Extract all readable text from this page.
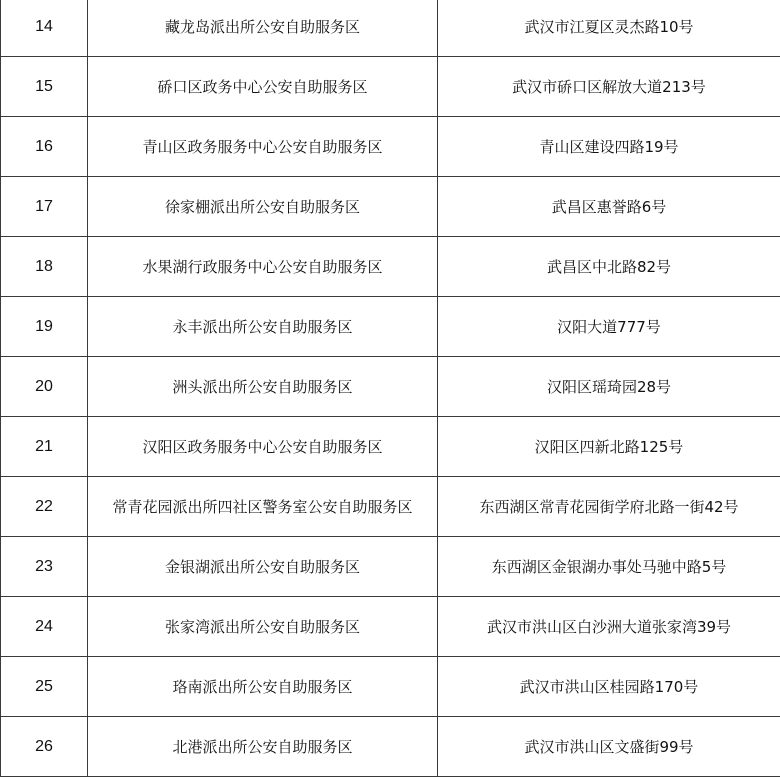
14	藏龙岛派出所公安自助服务区	武汉市江夏区灵杰路10号
15	硚口区政务中心公安自助服务区	武汉市硚口区解放大道213号
16	青山区政务服务中心公安自助服务区	青山区建设四路19号
17	徐家棚派出所公安自助服务区	武昌区惠誉路6号
18	水果湖行政服务中心公安自助服务区	武昌区中北路82号
19	永丰派出所公安自助服务区	汉阳大道777号
20	洲头派出所公安自助服务区	汉阳区瑶琦园28号
21	汉阳区政务服务中心公安自助服务区	汉阳区四新北路125号
22	常青花园派出所四社区警务室公安自助服务区	东西湖区常青花园街学府北路一街42号
23	金银湖派出所公安自助服务区	东西湖区金银湖办事处马驰中路5号
24	张家湾派出所公安自助服务区	武汉市洪山区白沙洲大道张家湾39号
25	珞南派出所公安自助服务区	武汉市洪山区桂园路170号
26	北港派出所公安自助服务区	武汉市洪山区文盛街99号
